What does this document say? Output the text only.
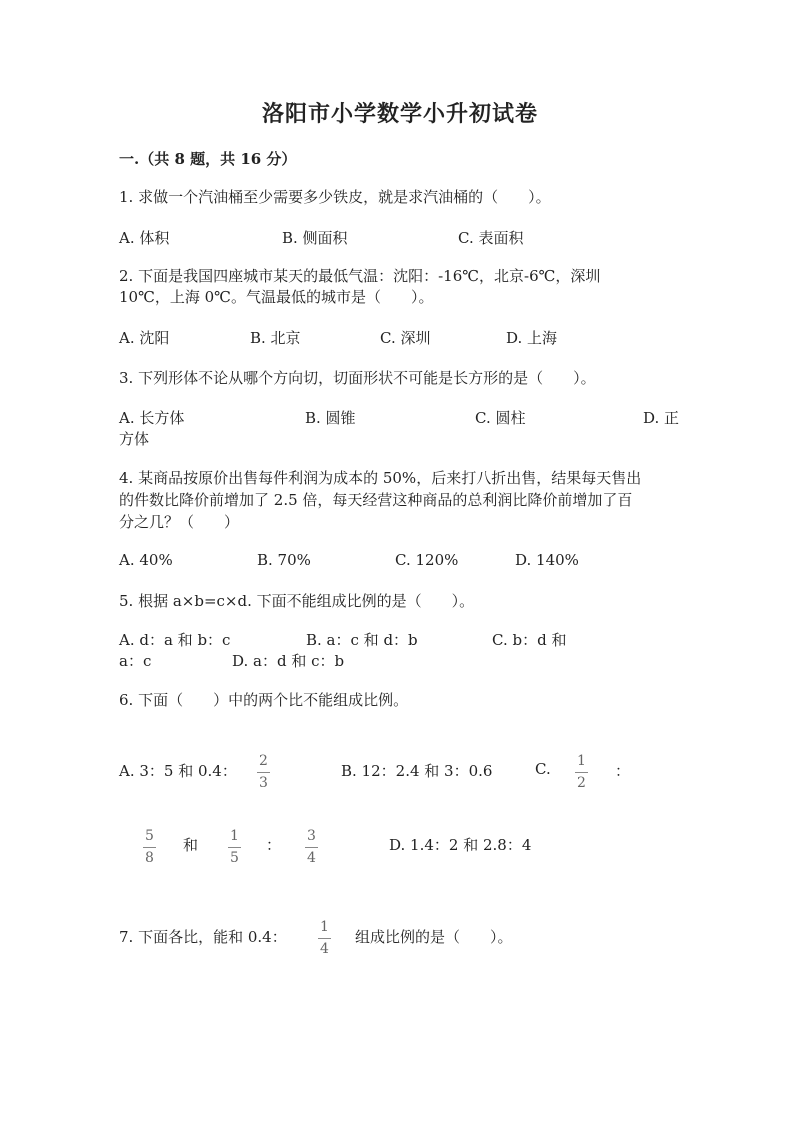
洛阳市小学数学小升初试卷
一.（共 8 题，共 16 分）
1. 求做一个汽油桶至少需要多少铁皮，就是求汽油桶的（　　）。
A. 体积	B. 侧面积	C. 表面积
2. 下面是我国四座城市某天的最低气温：沈阳：-16℃，北京-6℃，深圳
10℃，上海 0℃。气温最低的城市是（　　）。
A. 沈阳	B. 北京	C. 深圳	D. 上海
3. 下列形体不论从哪个方向切，切面形状不可能是长方形的是（　　）。
A. 长方体	B. 圆锥	C. 圆柱	D. 正
方体
4. 某商品按原价出售每件利润为成本的 50%，后来打八折出售，结果每天售出
的件数比降价前增加了 2.5 倍，每天经营这种商品的总利润比降价前增加了百
分之几？（　　）
A. 40%	B. 70%	C. 120%	D. 140%
5. 根据 a×b=c×d. 下面不能组成比例的是（　　）。
A. d：a 和 b：c	B. a：c 和 d：b	C. b：d 和
a：c	D. a：d 和 c：b
6. 下面（　　）中的两个比不能组成比例。
A. 3：5 和 0.4：
2
3
B. 12：2.4 和 3：0.6	C. 1
2
：
5
8
和 1
5
： 3
4
D. 1.4：2 和 2.8：4
7. 下面各比，能和 0.4：
1
4
组成比例的是（　　）。
